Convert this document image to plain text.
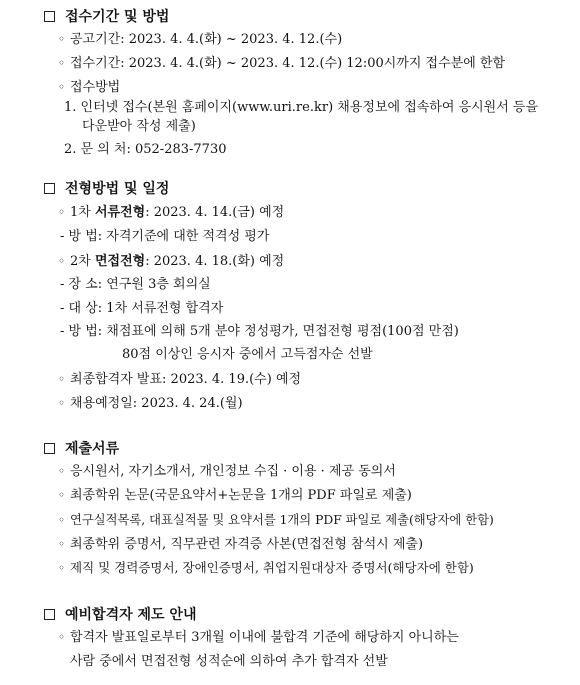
접수기간 및 방법
◦공고기간: 2023. 4. 4.(화) ~ 2023. 4. 12.(수)
◦접수기간: 2023. 4. 4.(화) ~ 2023. 4. 12.(수) 12:00시까지 접수분에 한함
◦접수방법
1. 인터넷 접수(본원 홈페이지(www.uri.re.kr) 채용정보에 접속하여 응시원서 등을
다운받아 작성 제출)
2. 문 의 처: 052-283-7730
전형방법 및 일정
◦1차 서류전형: 2023. 4. 14.(금) 예정
- 방 법: 자격기준에 대한 적격성 평가
◦2차 면접전형: 2023. 4. 18.(화) 예정
- 장 소: 연구원 3층 회의실
- 대 상: 1차 서류전형 합격자
- 방 법: 채점표에 의해 5개 분야 정성평가, 면접전형 평점(100점 만점)
80점 이상인 응시자 중에서 고득점자순 선발
◦최종합격자 발표: 2023. 4. 19.(수) 예정
◦채용예정일: 2023. 4. 24.(월)
제출서류
◦응시원서, 자기소개서, 개인정보 수집 · 이용 · 제공 동의서
◦최종학위 논문(국문요약서+논문을 1개의 PDF 파일로 제출)
◦연구실적목록, 대표실적물 및 요약서를 1개의 PDF 파일로 제출(해당자에 한함)
◦최종학위 증명서, 직무관련 자격증 사본(면접전형 참석시 제출)
◦제직 및 경력증명서, 장애인증명서, 취업지원대상자 증명서(해당자에 한함)
예비합격자 제도 안내
◦합격자 발표일로부터 3개월 이내에 불합격 기준에 해당하지 아니하는
사람 중에서 면접전형 성적순에 의하여 추가 합격자 선발
